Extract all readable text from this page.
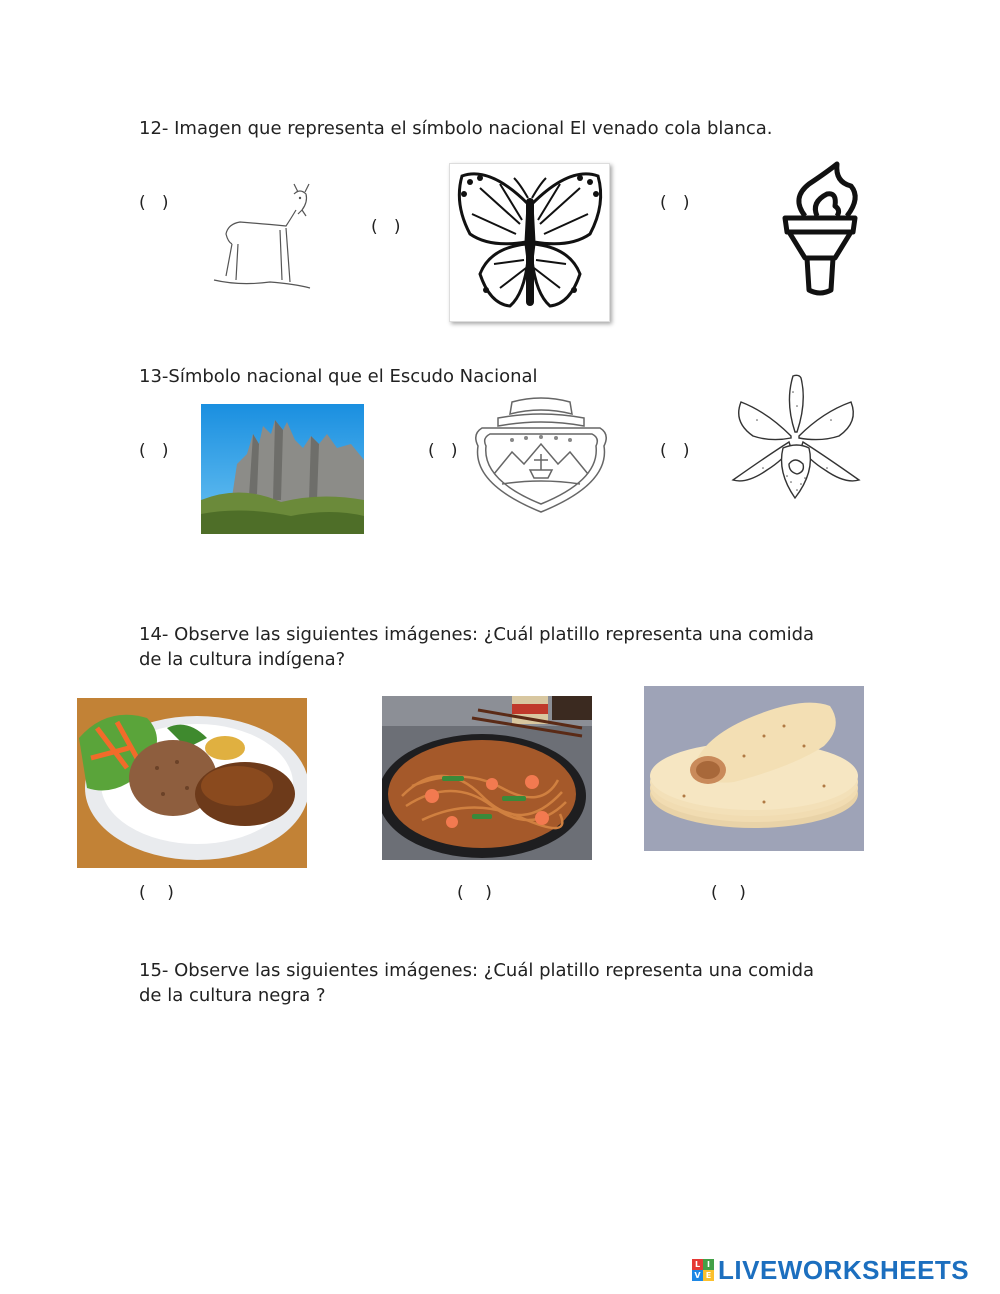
12- Imagen que representa el símbolo nacional El venado cola blanca.
(   )
(   )
(   )
13-Símbolo nacional que el Escudo Nacional
(   )	(   )	(   )
14- Observe las siguientes imágenes: ¿Cuál platillo representa una comida
de la cultura indígena?
(    )	(    )	(    )
15- Observe las siguientes imágenes: ¿Cuál platillo representa una comida
de la cultura negra ?
L I
V E LIVEWORKSHEETS
